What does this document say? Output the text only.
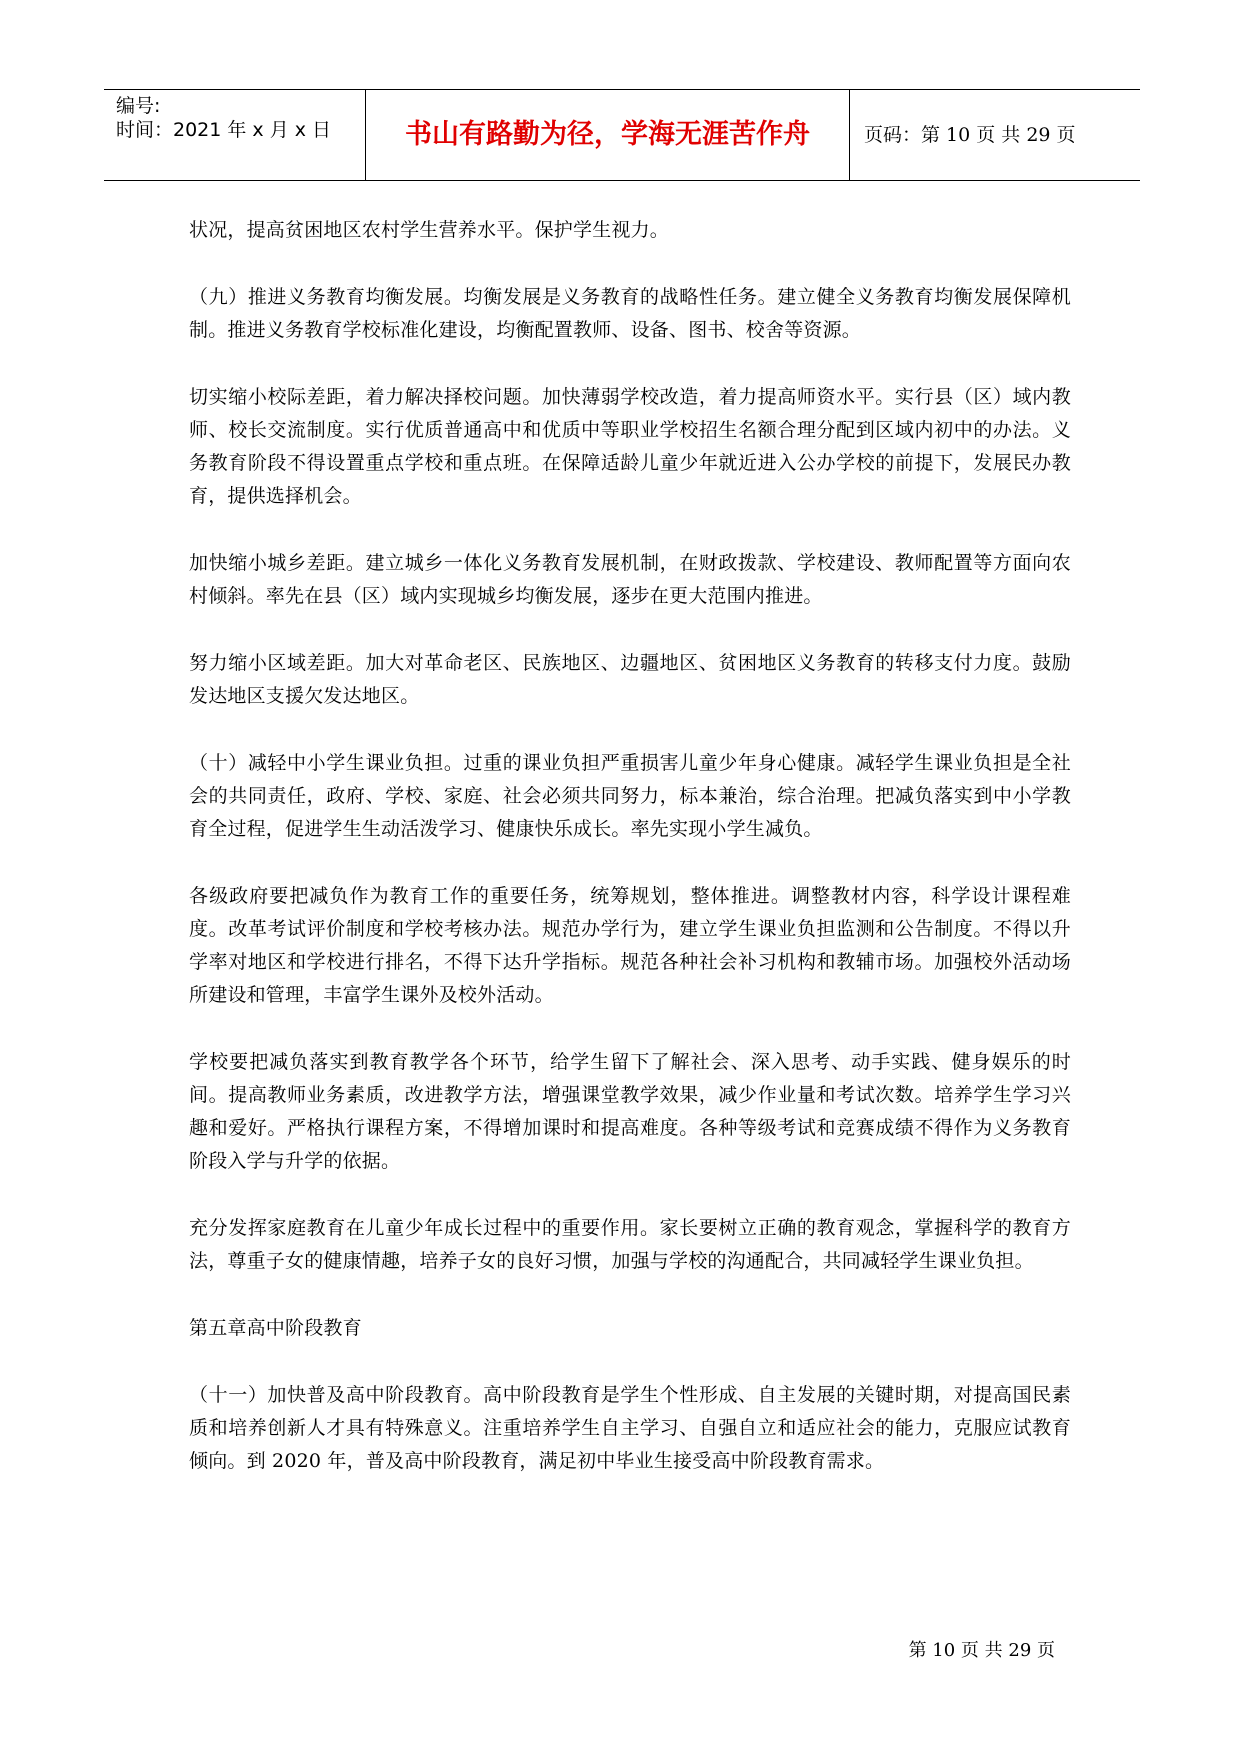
编号:
时间：2021 年 x 月 x 日	书山有路勤为径，学海无涯苦作舟	页码：第 10 页 共 29 页

状况，提高贫困地区农村学生营养水平。保护学生视力。

（九）推进义务教育均衡发展。均衡发展是义务教育的战略性任务。建立健全义务教育均衡发展保障机制。推进义务教育学校标准化建设，均衡配置教师、设备、图书、校舍等资源。

切实缩小校际差距，着力解决择校问题。加快薄弱学校改造，着力提高师资水平。实行县（区）域内教师、校长交流制度。实行优质普通高中和优质中等职业学校招生名额合理分配到区域内初中的办法。义务教育阶段不得设置重点学校和重点班。在保障适龄儿童少年就近进入公办学校的前提下，发展民办教育，提供选择机会。

加快缩小城乡差距。建立城乡一体化义务教育发展机制，在财政拨款、学校建设、教师配置等方面向农村倾斜。率先在县（区）域内实现城乡均衡发展，逐步在更大范围内推进。

努力缩小区域差距。加大对革命老区、民族地区、边疆地区、贫困地区义务教育的转移支付力度。鼓励发达地区支援欠发达地区。

（十）减轻中小学生课业负担。过重的课业负担严重损害儿童少年身心健康。减轻学生课业负担是全社会的共同责任，政府、学校、家庭、社会必须共同努力，标本兼治，综合治理。把减负落实到中小学教育全过程，促进学生生动活泼学习、健康快乐成长。率先实现小学生减负。

各级政府要把减负作为教育工作的重要任务，统筹规划，整体推进。调整教材内容，科学设计课程难度。改革考试评价制度和学校考核办法。规范办学行为，建立学生课业负担监测和公告制度。不得以升学率对地区和学校进行排名，不得下达升学指标。规范各种社会补习机构和教辅市场。加强校外活动场所建设和管理，丰富学生课外及校外活动。

学校要把减负落实到教育教学各个环节，给学生留下了解社会、深入思考、动手实践、健身娱乐的时间。提高教师业务素质，改进教学方法，增强课堂教学效果，减少作业量和考试次数。培养学生学习兴趣和爱好。严格执行课程方案，不得增加课时和提高难度。各种等级考试和竞赛成绩不得作为义务教育阶段入学与升学的依据。

充分发挥家庭教育在儿童少年成长过程中的重要作用。家长要树立正确的教育观念，掌握科学的教育方法，尊重子女的健康情趣，培养子女的良好习惯，加强与学校的沟通配合，共同减轻学生课业负担。

第五章高中阶段教育

（十一）加快普及高中阶段教育。高中阶段教育是学生个性形成、自主发展的关键时期，对提高国民素质和培养创新人才具有特殊意义。注重培养学生自主学习、自强自立和适应社会的能力，克服应试教育倾向。到 2020 年，普及高中阶段教育，满足初中毕业生接受高中阶段教育需求。

第 10 页 共 29 页
